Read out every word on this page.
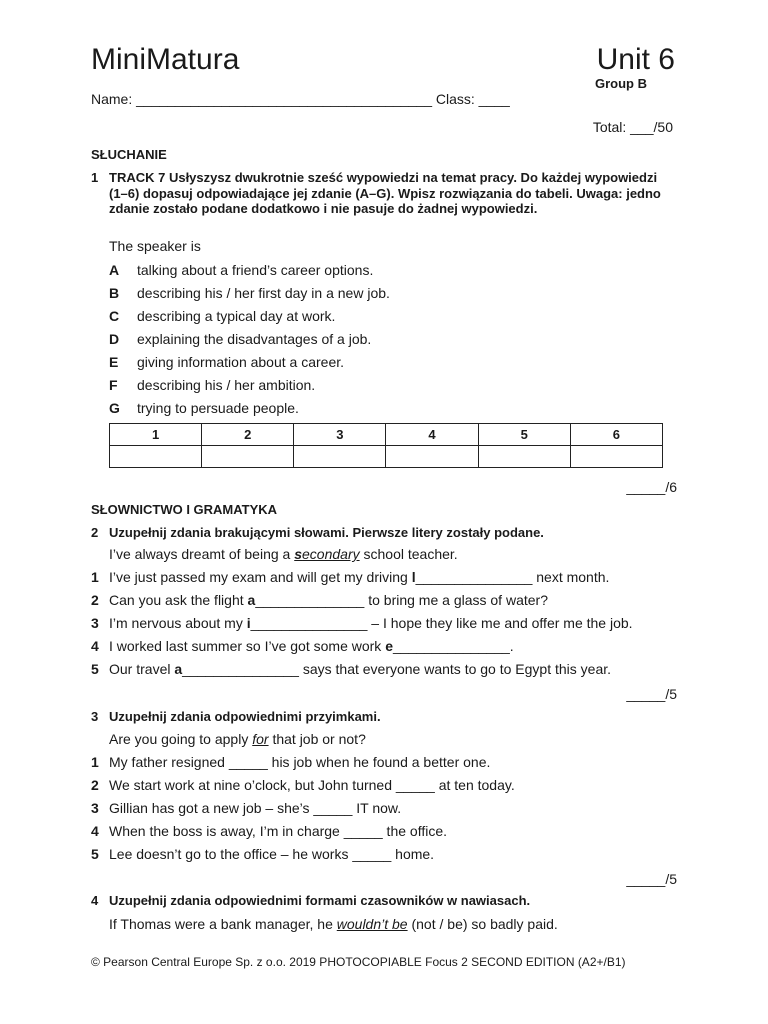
MiniMatura	Unit 6
Group B
Name: ______________________________________ Class: ____
Total: ___/50
SŁUCHANIE
1 TRACK 7 Usłyszysz dwukrotnie sześć wypowiedzi na temat pracy. Do każdej wypowiedzi (1–6) dopasuj odpowiadające jej zdanie (A–G). Wpisz rozwiązania do tabeli. Uwaga: jedno zdanie zostało podane dodatkowo i nie pasuje do żadnej wypowiedzi.
The speaker is
A talking about a friend’s career options.
B describing his / her first day in a new job.
C describing a typical day at work.
D explaining the disadvantages of a job.
E giving information about a career.
F describing his / her ambition.
G trying to persuade people.
1	2	3	4	5	6

_____/6
SŁOWNICTWO I GRAMATYKA
2 Uzupełnij zdania brakującymi słowami. Pierwsze litery zostały podane.
I’ve always dreamt of being a secondary school teacher.
1 I’ve just passed my exam and will get my driving l_______________ next month.
2 Can you ask the flight a______________ to bring me a glass of water?
3 I’m nervous about my i_______________ – I hope they like me and offer me the job.
4 I worked last summer so I’ve got some work e_______________.
5 Our travel a_______________ says that everyone wants to go to Egypt this year.
_____/5
3 Uzupełnij zdania odpowiednimi przyimkami.
Are you going to apply for that job or not?
1 My father resigned _____ his job when he found a better one.
2 We start work at nine o’clock, but John turned _____ at ten today.
3 Gillian has got a new job – she’s _____ IT now.
4 When the boss is away, I’m in charge _____ the office.
5 Lee doesn’t go to the office – he works _____ home.
_____/5
4 Uzupełnij zdania odpowiednimi formami czasowników w nawiasach.
If Thomas were a bank manager, he wouldn’t be (not / be) so badly paid.
© Pearson Central Europe Sp. z o.o. 2019 PHOTOCOPIABLE Focus 2 SECOND EDITION (A2+/B1)
